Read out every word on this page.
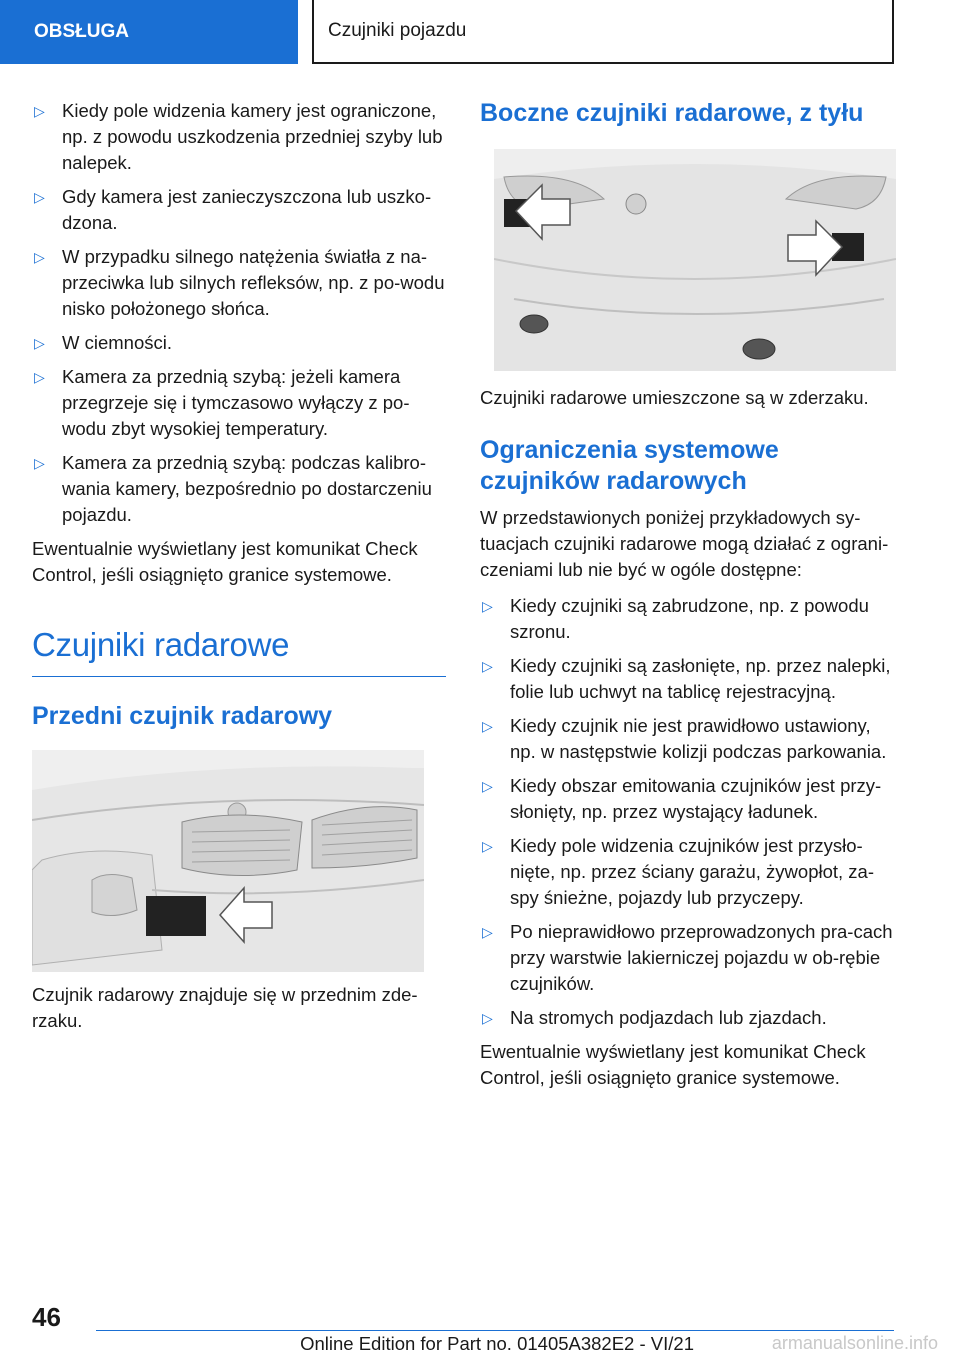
OBSŁUGA	Czujniki pojazdu
▷ Kiedy pole widzenia kamery jest ograniczone, np. z powodu uszkodzenia przedniej szyby lub nalepek.
▷ Gdy kamera jest zanieczyszczona lub uszko-dzona.
▷ W przypadku silnego natężenia światła z na-przeciwka lub silnych refleksów, np. z po-wodu nisko położonego słońca.
▷ W ciemności.
▷ Kamera za przednią szybą: jeżeli kamera przegrzeje się i tymczasowo wyłączy z po-wodu zbyt wysokiej temperatury.
▷ Kamera za przednią szybą: podczas kalibro-wania kamery, bezpośrednio po dostarczeniu pojazdu.

Ewentualnie wyświetlany jest komunikat Check Control, jeśli osiągnięto granice systemowe.

Czujniki radarowe
Przedni czujnik radarowy
Czujnik radarowy znajduje się w przednim zde-rzaku.
Boczne czujniki radarowe, z tyłu
Czujniki radarowe umieszczone są w zderzaku.
Ograniczenia systemowe czujników radarowych

W przedstawionych poniżej przykładowych sy-tuacjach czujniki radarowe mogą działać z ograni-czeniami lub nie być w ogóle dostępne:

▷ Kiedy czujniki są zabrudzone, np. z powodu szronu.
▷ Kiedy czujniki są zasłonięte, np. przez nalepki, folie lub uchwyt na tablicę rejestracyjną.
▷ Kiedy czujnik nie jest prawidłowo ustawiony, np. w następstwie kolizji podczas parkowania.
▷ Kiedy obszar emitowania czujników jest przy-słonięty, np. przez wystający ładunek.
▷ Kiedy pole widzenia czujników jest przysło-nięte, np. przez ściany garażu, żywopłot, za-spy śnieżne, pojazdy lub przyczepy.
▷ Po nieprawidłowo przeprowadzonych pra-cach przy warstwie lakierniczej pojazdu w ob-rębie czujników.
▷ Na stromych podjazdach lub zjazdach.

Ewentualnie wyświetlany jest komunikat Check Control, jeśli osiągnięto granice systemowe.

46
Online Edition for Part no. 01405A382E2 - VI/21	armanualsonline.info
